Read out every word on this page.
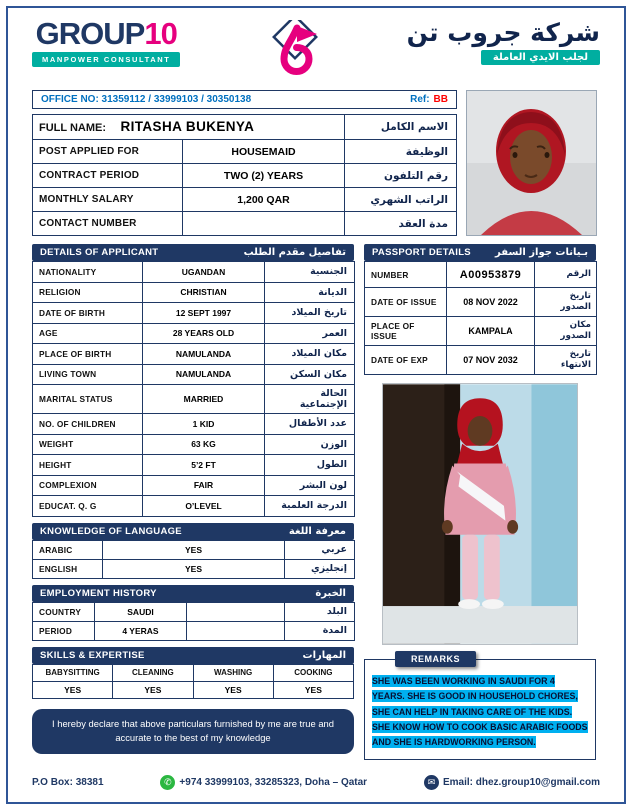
GROUP10
MANPOWER CONSULTANT
شركة جروب تن
لجلب الايدي العاملة
OFFICE NO: 31359112 / 33999103 / 30350138	Ref: BB
FULL NAME: RITASHA BUKENYA		الاسم الكامل
POST APPLIED FOR	HOUSEMAID	الوظيفة
CONTRACT PERIOD	TWO (2) YEARS	رقم التلفون
MONTHLY SALARY	1,200 QAR	الراتب الشهري
CONTACT NUMBER		مدة العقد
DETAILS OF APPLICANT	تفاصيل مقدم الطلب
NATIONALITY	UGANDAN	الجنسية
RELIGION	CHRISTIAN	الديانة
DATE OF BIRTH	12 SEPT 1997	تاريخ الميلاد
AGE	28 YEARS OLD	العمر
PLACE OF BIRTH	NAMULANDA	مكان الميلاد
LIVING TOWN	NAMULANDA	مكان السكن
MARITAL STATUS	MARRIED	الحالة الإجتماعية
NO. OF CHILDREN	1 KID	عدد الأطفال
WEIGHT	63 KG	الوزن
HEIGHT	5’2 FT	الطول
COMPLEXION	FAIR	لون البشر
EDUCAT. Q. G	O’LEVEL	الدرجة العلمية
KNOWLEDGE OF LANGUAGE	معرفة اللغة
ARABIC	YES	عربي
ENGLISH	YES	إنجليزي
EMPLOYMENT HISTORY	الخبرة
COUNTRY	SAUDI		البلد
PERIOD	4 YERAS		المدة
SKILLS & EXPERTISE	المهارات
BABYSITTING	CLEANING	WASHING	COOKING
YES	YES	YES	YES
I hereby declare that above particulars furnished by me are true and accurate to the best of my knowledge
PASSPORT DETAILS بـيانات جواز السفر
NUMBER	A00953879	الرقم
DATE OF ISSUE	08 NOV 2022	تاريخ الصدور
PLACE OF ISSUE	KAMPALA	مكان الصدور
DATE OF EXP	07 NOV 2032	تاريخ الانتهاء
REMARKS
SHE WAS BEEN WORKING IN SAUDI FOR 4 YEARS. SHE IS GOOD IN HOUSEHOLD CHORES, SHE CAN HELP IN TAKING CARE OF THE KIDS. SHE KNOW HOW TO COOK BASIC ARABIC FOODS AND SHE IS HARDWORKING PERSON.
P.O Box: 38381	✆ +974 33999103, 33285323, Doha – Qatar	✉ Email: dhez.group10@gmail.com
